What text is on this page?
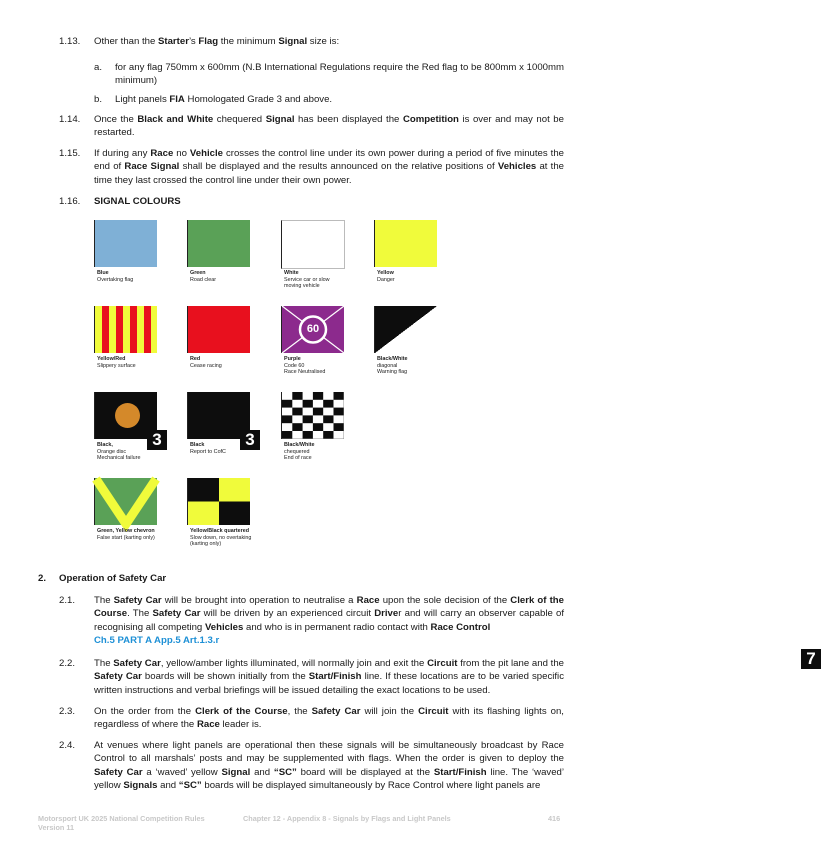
1.13. Other than the Starter’s Flag the minimum Signal size is:
a. for any flag 750mm x 600mm (N.B International Regulations require the Red flag to be 800mm x 1000mm minimum)
b. Light panels FIA Homologated Grade 3 and above.
1.14. Once the Black and White chequered Signal has been displayed the Competition is over and may not be restarted.
1.15. If during any Race no Vehicle crosses the control line under its own power during a period of five minutes the end of Race Signal shall be displayed and the results announced on the relative positions of Vehicles at the time they last crossed the control line under their own power.
1.16. SIGNAL COLOURS
Blue
Overtaking flag
Green
Road clear
White
Service car or slow
moving vehicle
Yellow
Danger
Yellow/Red
Slippery surface
Red
Cease racing
60
Purple
Code 60
Race Neutralised
7
Black/White
diagonal
Warning flag
Black,
Orange disc
Mechanical failure
3	Black
Report to CofC
3	Black/White
chequered
End of race
Green, Yellow chevron
False start (karting only)
Yellow/Black quartered
Slow down, no overtaking
(karting only)
2. Operation of Safety Car
2.1. The Safety Car will be brought into operation to neutralise a Race upon the sole decision of the Clerk of the Course. The Safety Car will be driven by an experienced circuit Driver and will carry an observer capable of recognising all competing Vehicles and who is in permanent radio contact with Race Control
Ch.5 PART A App.5 Art.1.3.r
2.2. The Safety Car, yellow/amber lights illuminated, will normally join and exit the Circuit from the pit lane and the Safety Car boards will be shown initially from the Start/Finish line. If these locations are to be varied specific written instructions and verbal briefings will be issued detailing the exact locations to be used.
2.3. On the order from the Clerk of the Course, the Safety Car will join the Circuit with its flashing lights on, regardless of where the Race leader is.
2.4. At venues where light panels are operational then these signals will be simultaneously broadcast by Race Control to all marshals’ posts and may be supplemented with flags. When the order is given to deploy the Safety Car a ‘waved’ yellow Signal and “SC” board will be displayed at the Start/Finish line. The ‘waved’ yellow Signals and “SC” boards will be displayed simultaneously by Race Control where light panels are
Motorsport UK 2025 National Competition Rules
Version 11
Chapter 12 - Appendix 8 - Signals by Flags and Light Panels	416
